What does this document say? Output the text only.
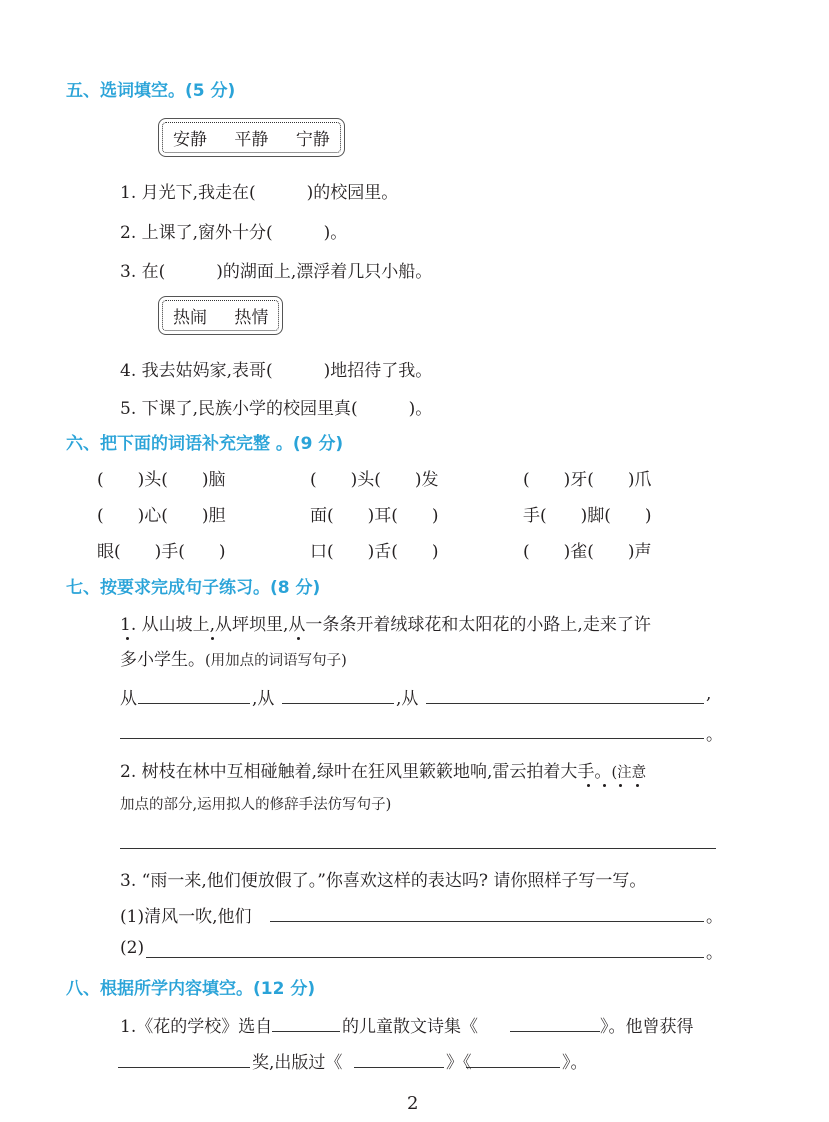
五、选词填空。(5 分)
安静 平静 宁静
1. 月光下,我走在(　　　)的校园里。
2. 上课了,窗外十分(　　　)。
3. 在(　　　)的湖面上,漂浮着几只小船。
热闹 热情
4. 我去姑妈家,表哥(　　　)地招待了我。
5. 下课了,民族小学的校园里真(　　　)。
六、把下面的词语补充完整 。(9 分)
(　　)头(　　)脑	(　　)头(　　)发	(　　)牙(　　)爪
(　　)心(　　)胆	面(　　)耳(　　)	手(　　)脚(　　)
眼(　　)手(　　)	口(　　)舌(　　)	(　　)雀(　　)声
七、按要求完成句子练习。(8 分)
1. 从山坡上,从坪坝里,从一条条开着绒球花和太阳花的小路上,走来了许
多小学生。(用加点的词语写句子)
从	,从	,从	,
。
2. 树枝在林中互相碰触着,绿叶在狂风里簌簌地响,雷云拍着大手。(注意
加点的部分,运用拟人的修辞手法仿写句子)
3. “雨一来,他们便放假了。”你喜欢这样的表达吗? 请你照样子写一写。
(1)清风一吹,他们	。
(2)	。
八、根据所学内容填空。(12 分)
1.《花的学校》选自	的儿童散文诗集《	》。他曾获得
奖,出版过《	》《	》。
2
